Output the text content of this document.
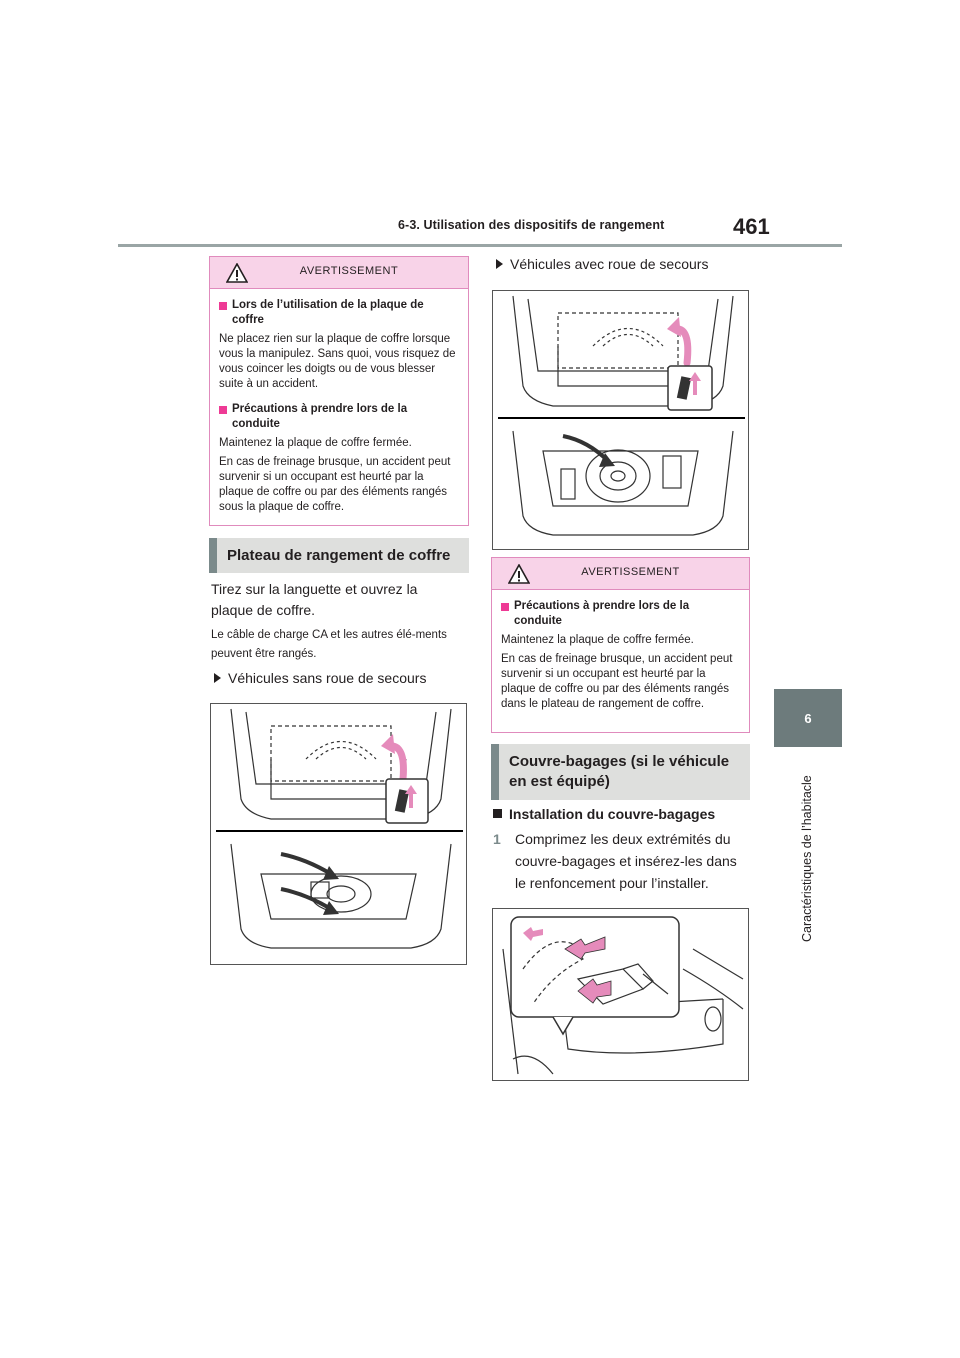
6-3. Utilisation des dispositifs de rangement	461
6
Caractéristiques de l’habitacle
AVERTISSEMENT
Lors de l’utilisation de la plaque de coffre
Ne placez rien sur la plaque de coffre lorsque vous la manipulez. Sans quoi, vous risquez de vous coincer les doigts ou de vous blesser suite à un accident.
Précautions à prendre lors de la conduite
Maintenez la plaque de coffre fermée.
En cas de freinage brusque, un accident peut survenir si un occupant est heurté par la plaque de coffre ou par des éléments rangés sous la plaque de coffre.
Plateau de rangement de coffre
Tirez sur la languette et ouvrez la plaque de coffre.
Le câble de charge CA et les autres élé-ments peuvent être rangés.
Véhicules sans roue de secours
Véhicules avec roue de secours
AVERTISSEMENT
Précautions à prendre lors de la conduite
Maintenez la plaque de coffre fermée.
En cas de freinage brusque, un accident peut survenir si un occupant est heurté par la plaque de coffre ou par des éléments rangés dans le plateau de rangement de coffre.
Couvre-bagages (si le véhicule en est équipé)
Installation du couvre-bagages
1 Comprimez les deux extrémités du couvre-bagages et insérez-les dans le renfoncement pour l’installer.
